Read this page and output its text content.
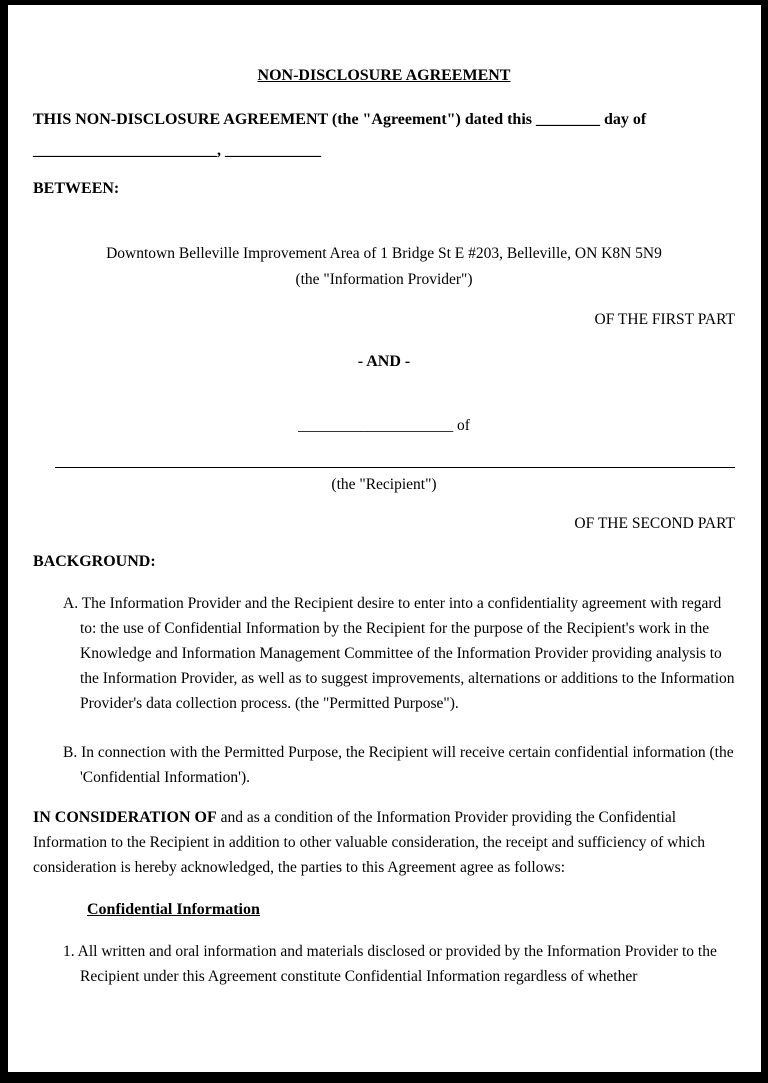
NON-DISCLOSURE AGREEMENT

THIS NON-DISCLOSURE AGREEMENT (the "Agreement") dated this ________ day of
_______________________, ____________

BETWEEN:

Downtown Belleville Improvement Area of 1 Bridge St E #203, Belleville, ON K8N 5N9
(the "Information Provider")

OF THE FIRST PART

- AND -

____________________ of

(the "Recipient")

OF THE SECOND PART

BACKGROUND:

A. The Information Provider and the Recipient desire to enter into a confidentiality agreement with regard to: the use of Confidential Information by the Recipient for the purpose of the Recipient's work in the Knowledge and Information Management Committee of the Information Provider providing analysis to the Information Provider, as well as to suggest improvements, alternations or additions to the Information Provider's data collection process. (the "Permitted Purpose").
B. In connection with the Permitted Purpose, the Recipient will receive certain confidential information (the 'Confidential Information').

IN CONSIDERATION OF and as a condition of the Information Provider providing the Confidential Information to the Recipient in addition to other valuable consideration, the receipt and sufficiency of which consideration is hereby acknowledged, the parties to this Agreement agree as follows:

Confidential Information

1. All written and oral information and materials disclosed or provided by the Information Provider to the Recipient under this Agreement constitute Confidential Information regardless of whether
